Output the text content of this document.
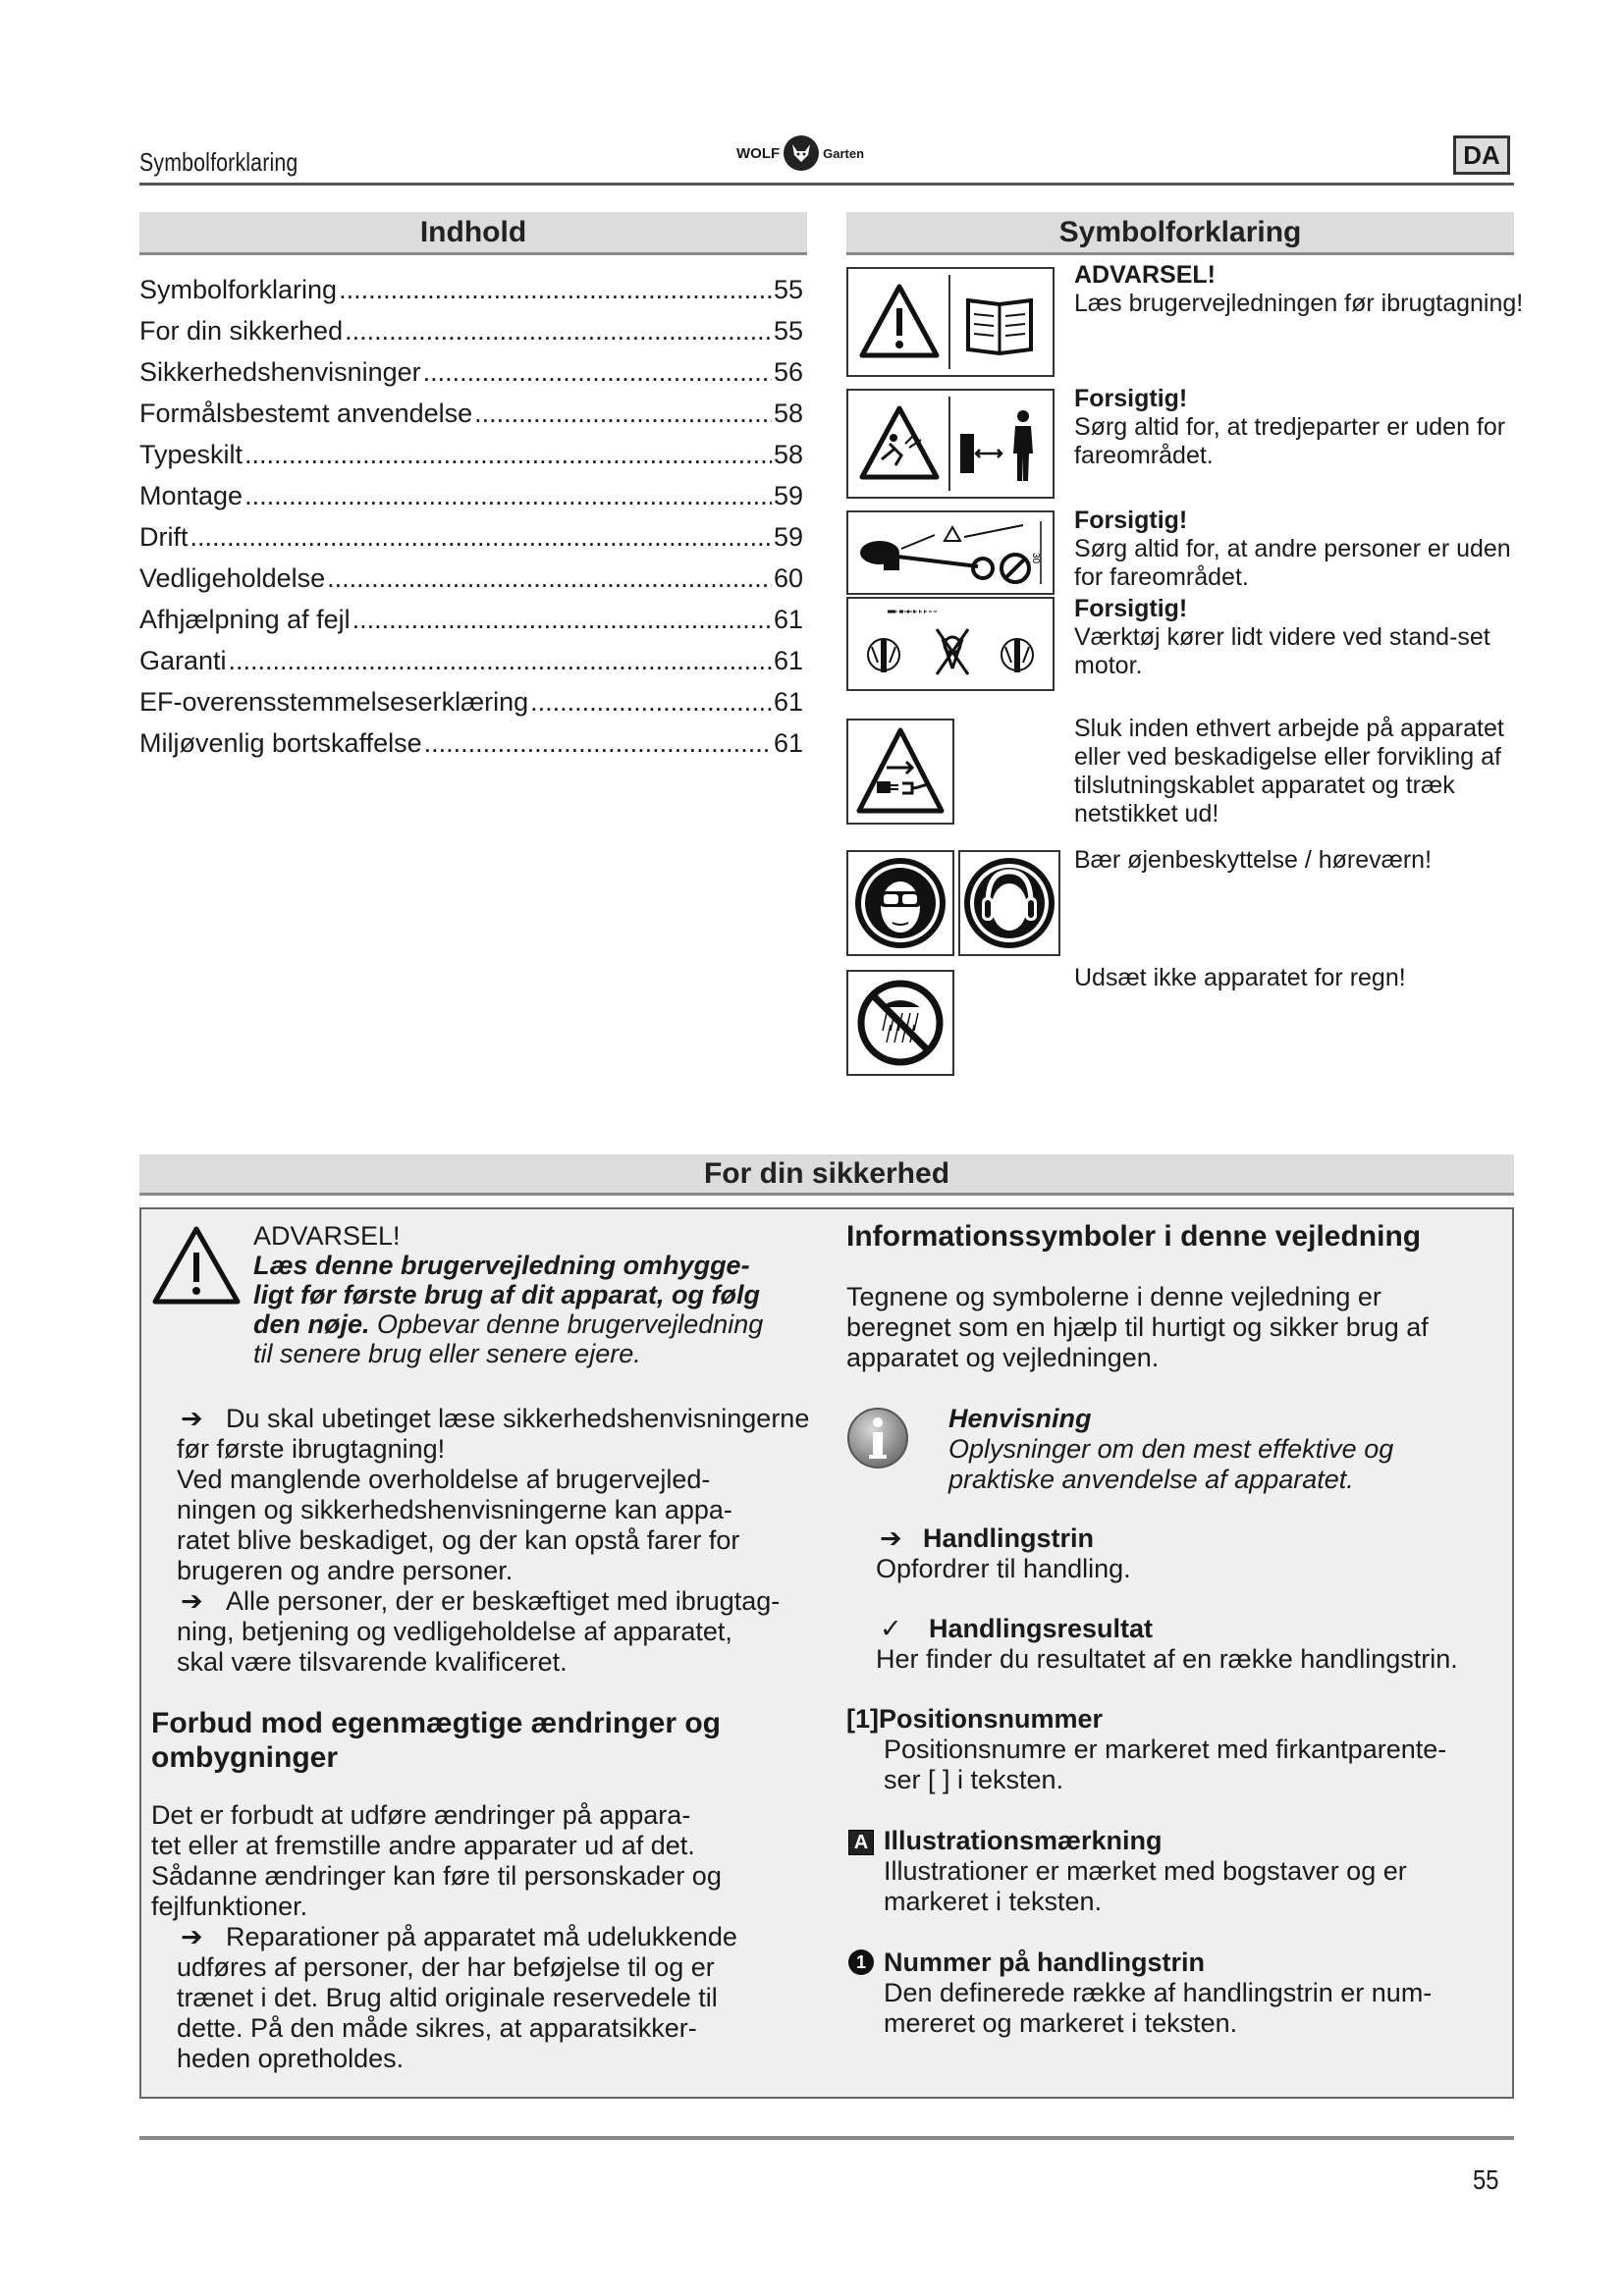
Symbolforklaring	WOLF	Garten	DA
Indhold
Symbolforklaring .....	55
For din sikkerhed .....	55
Sikkerhedshenvisninger .....	56
Formålsbestemt anvendelse .....	58
Typeskilt .....	58
Montage .....	59
Drift .....	59
Vedligeholdelse .....	60
Afhjælpning af fejl .....	61
Garanti .....	61
EF-overensstemmelseserklæring .....	61
Miljøvenlig bortskaffelse .....	61
Symbolforklaring
ADVARSEL!
Læs brugervejledningen før ibrugtagning!
Forsigtig!
Sørg altid for, at tredjeparter er uden for fareområdet.
30
Forsigtig!
Sørg altid for, at andre personer er uden for fareområdet.
Forsigtig!
Værktøj kører lidt videre ved stand-set motor.
Sluk inden ethvert arbejde på apparatet eller ved beskadigelse eller forvikling af tilslutningskablet apparatet og træk netstikket ud!
Bær øjenbeskyttelse / høreværn!
Udsæt ikke apparatet for regn!
For din sikkerhed
ADVARSEL!
Læs denne brugervejledning omhygge-
ligt før første brug af dit apparat, og følg
den nøje. Opbevar denne brugervejledning
til senere brug eller senere ejere.
➔ Du skal ubetinget læse sikkerhedshenvisningerne
før første ibrugtagning!
Ved manglende overholdelse af brugervejled-
ningen og sikkerhedshenvisningerne kan appa-
ratet blive beskadiget, og der kan opstå farer for
brugeren og andre personer.
➔ Alle personer, der er beskæftiget med ibrugtag-
ning, betjening og vedligeholdelse af apparatet,
skal være tilsvarende kvalificeret.
Forbud mod egenmægtige ændringer og
ombygninger
Det er forbudt at udføre ændringer på appara-
tet eller at fremstille andre apparater ud af det.
Sådanne ændringer kan føre til personskader og
fejlfunktioner.
➔ Reparationer på apparatet må udelukkende
udføres af personer, der har beføjelse til og er
trænet i det. Brug altid originale reservedele til
dette. På den måde sikres, at apparatsikker-
heden opretholdes.
Informationssymboler i denne vejledning
Tegnene og symbolerne i denne vejledning er
beregnet som en hjælp til hurtigt og sikker brug af
apparatet og vejledningen.
Henvisning
Oplysninger om den mest effektive og
praktiske anvendelse af apparatet.
➔ Handlingstrin
Opfordrer til handling.
✓ Handlingsresultat
Her finder du resultatet af en række handlingstrin.
[1]Positionsnummer
Positionsnumre er markeret med firkantparente-
ser [ ] i teksten.
A Illustrationsmærkning
Illustrationer er mærket med bogstaver og er
markeret i teksten.
1 Nummer på handlingstrin
Den definerede række af handlingstrin er num-
mereret og markeret i teksten.
55
